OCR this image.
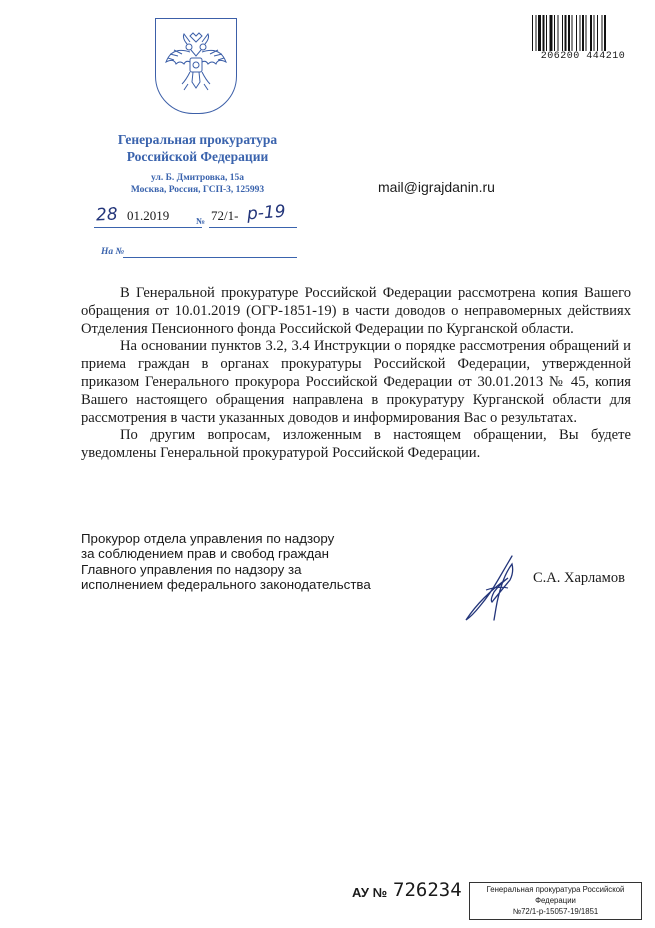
Генеральная прокуратура
Российской Федерации
ул. Б. Дмитровка, 15а
Москва, Россия, ГСП-3, 125993
28 01.2019	№ 72/1- р-19
На №
mail@igrajdanin.ru
206200 444210

В Генеральной прокуратуре Российской Федерации рассмотрена копия Вашего обращения от 10.01.2019 (ОГР-1851-19) в части доводов о неправомерных действиях Отделения Пенсионного фонда Российской Федерации по Курганской области.

На основании пунктов 3.2, 3.4 Инструкции о порядке рассмотрения обращений и приема граждан в органах прокуратуры Российской Федерации, утвержденной приказом Генерального прокурора Российской Федерации от 30.01.2013 № 45, копия Вашего настоящего обращения направлена в прокуратуру Курганской области для рассмотрения в части указанных доводов и информирования Вас о результатах.

По другим вопросам, изложенным в настоящем обращении, Вы будете уведомлены Генеральной прокуратурой Российской Федерации.

Прокурор отдела управления по надзору
за соблюдением прав и свобод граждан
Главного управления по надзору за
исполнением федерального законодательства	С.А. Харламов
АУ № 726234	Генеральная прокуратура Российской
Федерации
№72/1-р-15057-19/1851
